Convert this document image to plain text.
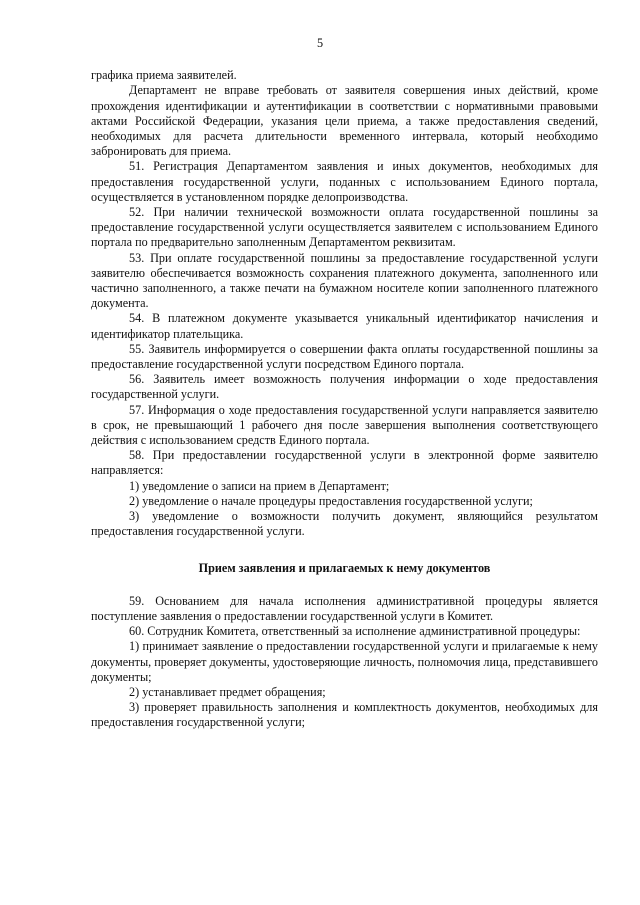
5

графика приема заявителей.

Департамент не вправе требовать от заявителя совершения иных действий, кроме прохождения идентификации и аутентификации в соответствии с нормативными правовыми актами Российской Федерации, указания цели приема, а также предоставления сведений, необходимых для расчета длительности временного интервала, который необходимо забронировать для приема.

51. Регистрация Департаментом заявления и иных документов, необходимых для предоставления государственной услуги, поданных с использованием Единого портала, осуществляется в установленном порядке делопроизводства.

52. При наличии технической возможности оплата государственной пошлины за предоставление государственной услуги осуществляется заявителем с использованием Единого портала по предварительно заполненным Департаментом реквизитам.

53. При оплате государственной пошлины за предоставление государственной услуги заявителю обеспечивается возможность сохранения платежного документа, заполненного или частично заполненного, а также печати на бумажном носителе копии заполненного платежного документа.

54. В платежном документе указывается уникальный идентификатор начисления и идентификатор плательщика.

55. Заявитель информируется о совершении факта оплаты государственной пошлины за предоставление государственной услуги посредством Единого портала.

56. Заявитель имеет возможность получения информации о ходе предоставления государственной услуги.

57. Информация о ходе предоставления государственной услуги направляется заявителю в срок, не превышающий 1 рабочего дня после завершения выполнения соответствующего действия с использованием средств Единого портала.

58. При предоставлении государственной услуги в электронной форме заявителю направляется:

1) уведомление о записи на прием в Департамент;

2) уведомление о начале процедуры предоставления государственной услуги;

3) уведомление о возможности получить документ, являющийся результатом предоставления государственной услуги.

Прием заявления и прилагаемых к нему документов

59. Основанием для начала исполнения административной процедуры является поступление заявления о предоставлении государственной услуги в Комитет.

60. Сотрудник Комитета, ответственный за исполнение административной процедуры:

1) принимает заявление о предоставлении государственной услуги и прилагаемые к нему документы, проверяет документы, удостоверяющие личность, полномочия лица, представившего документы;

2) устанавливает предмет обращения;

3) проверяет правильность заполнения и комплектность документов, необходимых для предоставления государственной услуги;
